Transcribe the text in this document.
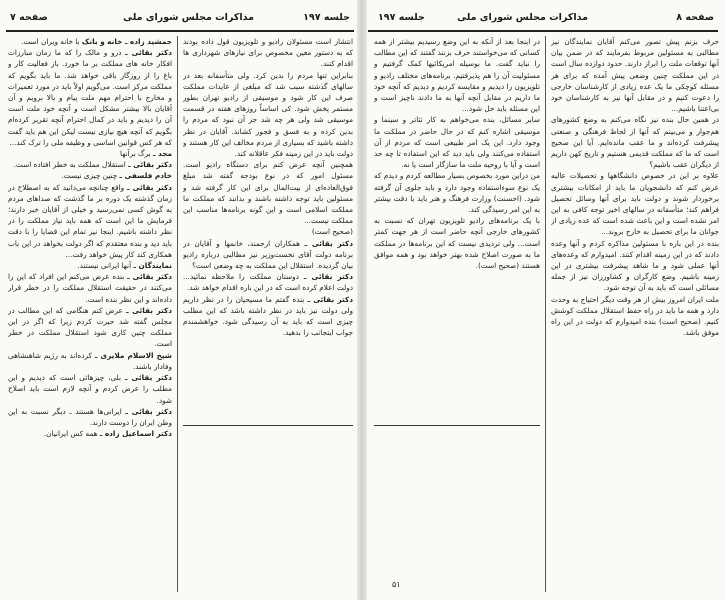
جلسه ۱۹۷
مذاکرات مجلس شورای ملی
صفحه ۷

جمشید زاده ـ خانه و بانک با خانه ویران است.

دکتر بقائی ـ درو و مالک را که ما زمان مبارزات افکار خانه های مملکت بر ما خورد. باز فعالیت کار و باغ را از روزگار باقی خواهد شد. ما باید بگویم که مملکت مرکز است. می‌گویم اولاً باید در مورد تعمیرات و مخارج با احترام مهم ملت پیام و بالا برویم و آن آقایان بالا بیشتر مشکل است و آنچه خود ملت است آن را دیدیم و باید در کمال احترام آنچه تقریر کرده‌ام بگویم که آنچه هیچ نیازی نیست لیکن این هم باید گفت که هر کس قوانین اساسی و وظیفه ملی را ترک کند...

مجد ـ برگ برآنها

دکتر بقائی ـ استقلال مملکت به خطر افتاده است.

خادم فلسفی ـ چنین چیزی نیست.

دکتر بقائی ـ واقع چنانچه می‌دانید که به اصطلاح در زمان گذشته یک دوره بر ما گذشت که صداهای مردم به گوش کسی نمی‌رسید و خیلی از آقایان خبر دارند؛ فرمایش ما این است که همه باید نیاز مملکت را در نظر داشته باشیم. اینجا نیز تمام این قضایا را با دقت باید دید و بنده معتقدم که اگر دولت بخواهد در این باب همکاری کند کار پیش خواهد رفت...

نمایندگان ـ آنها ایرانی نیستند.

دکتر بقائی ـ بنده عرض می‌کنم این افراد که این را می‌کنند در حقیقت استقلال مملکت را در خطر قرار داده‌اند و این نظر بنده است.

دکتر بقائی ـ عرض کنم هنگامی که این مطالب در مجلس گفته شد حیرت کردم زیرا که اگر در این مملکت چنین کاری شود استقلال مملکت در خطر است.

شیخ الاسلام ملایری ـ کرده‌اند به رژیم شاهنشاهی وفادار باشند.

دکتر بقائی ـ بلی، چیزهائی است که دیدیم و این مطلب را عرض کردم و آنچه لازم است باید اصلاح شود.

دکتر بقائی ـ ایرانی‌ها هستند ـ دیگر نسبت به این وطن ایران را دوست دارند.

دکتر اسماعیل زاده ـ همه کس ایرانیان.

انتشار است مسئولان رادیو و تلویزیون قول داده بودند که به دستور معین مخصوص برای نیازهای شهرداری ها اقدام کنند.

بنابراین تنها مردم را بدین کرد. ولی متأسفانه بعد در سالهای گذشته سبب شد که مبلغی از عایدات مملکت صرف این کار شود و موسیقی از رادیو تهران بطور مستمر پخش شود. کی اساساً روزهای هفته در قسمت موسیقی شد ولی هر چه شد جز آن نبود که مردم را بدین کرده و به فسق و فجور کشاند. آقایان در نظر داشته باشید که بسیاری از مردم مخالف این کار هستند و دولت باید در این زمینه فکر عاقلانه کند.

همچنین آنچه عرض کنم برای دستگاه رادیو است. مسئول امور که در نوع بودجه گفته شد مبلغ فوق‌العاده‌ای از بیت‌المال برای این کار گرفته شد و مسئولین باید توجه داشته باشند و بدانند که مملکت ما مملکت اسلامی است و این گونه برنامه‌ها مناسب این مملکت نیست...

(صحیح است)

دکتر بقائی ـ همکاران ارجمند، خانمها و آقایان در برنامه دولت آقای نخست‌وزیر نیز مطالبی درباره رادیو بیان گردیده. استقلال این مملکت به چه وضعی است؟

دکتر بقائی ـ دوستان مملکت را ملاحظه نمائید... دولت اعلام کرده است که در این باره اقدام خواهد شد.

دکتر بقائی ـ بنده گفتم ما مسیحیان را در نظر داریم ولی دولت نیز باید در نظر داشته باشد که این مطلب چیزی است که باید به آن رسیدگی شود. خواهشمندم جواب اینجانب را بدهید.

صفحه ۸
مذاکرات مجلس شورای ملی
جلسه ۱۹۷

در اینجا بعد از آنکه به این وضع رسیدیم بیشتر از همه کسانی که می‌خواستند حرف بزنند گفتند که این مطالب را نباید گفت. ما بوسیله امریکائیها کمک گرفتیم و مسئولیت آن را هم پذیرفتیم. برنامه‌های مختلف رادیو و تلویزیون را دیدیم و مقایسه کردیم و دیدیم که آنچه خود ما داریم در مقابل آنچه آنها به ما دادند ناچیز است و این مسئله باید حل شود...

سایر مسائل، بنده می‌خواهم به کار تئاتر و سینما و موسیقی اشاره کنم که در حال حاضر در مملکت ما وجود دارد. این یک امر طبیعی است که مردم از آن استفاده می‌کنند ولی باید دید که این استفاده تا چه حد است و آیا با روحیه ملت ما سازگار است یا نه.

من دراین مورد بخصوص بسیار مطالعه کردم و دیدم که یک نوع سوءاستفاده وجود دارد و باید جلوی آن گرفته شود. (احسنت) وزارت فرهنگ و هنر باید با دقت بیشتر به این امر رسیدگی کند.

با یک برنامه‌های رادیو تلویزیون تهران که نسبت به کشورهای خارجی آنچه حاضر است از هر جهت کمتر است... ولی تردیدی نیست که این برنامه‌ها در مملکت ما به صورت اصلاح شده بهتر خواهد بود و همه موافق هستند (صحیح است).

حرف بزنم پیش تصور می‌کنم آقایان نمایندگان نیز مطالبی به مسئولین مربوط بفرمایند که در ضمن بیان آنها توقعات ملت را ابراز دارند. حدود دوازده سال است در این مملکت چنین وضعی پیش آمده که برای هر مسئله کوچکی ما یک عده زیادی از کارشناسان خارجی را دعوت کنیم و در مقابل آنها نیز به کارشناسان خود بی‌اعتنا باشیم...

در همین حال بنده نیز نگاه می‌کنم به وضع کشورهای هم‌جوار و می‌بینم که آنها از لحاظ فرهنگی و صنعتی پیشرفت کرده‌اند و ما عقب مانده‌ایم. آیا این صحیح است که ما که مملکت قدیمی هستیم و تاریخ کهن داریم از دیگران عقب باشیم؟

علاوه بر این در خصوص دانشگاهها و تحصیلات عالیه عرض کنم که دانشجویان ما باید از امکانات بیشتری برخوردار شوند و دولت باید برای آنها وسائل تحصیل فراهم کند؛ متأسفانه در سالهای اخیر توجه کافی به این امر نشده است و این باعث شده است که عده زیادی از جوانان ما برای تحصیل به خارج بروند...

بنده در این باره با مسئولین مذاکره کردم و آنها وعده دادند که در این زمینه اقدام کنند. امیدوارم که وعده‌های آنها عملی شود و ما شاهد پیشرفت بیشتری در این زمینه باشیم. وضع کارگران و کشاورزان نیز از جمله مسائلی است که باید به آن توجه شود.

ملت ایران امروز بیش از هر وقت دیگر احتیاج به وحدت دارد و همه ما باید در راه حفظ استقلال مملکت کوشش کنیم. (صحیح است) بنده امیدوارم که دولت در این راه موفق باشد.

۵۱
